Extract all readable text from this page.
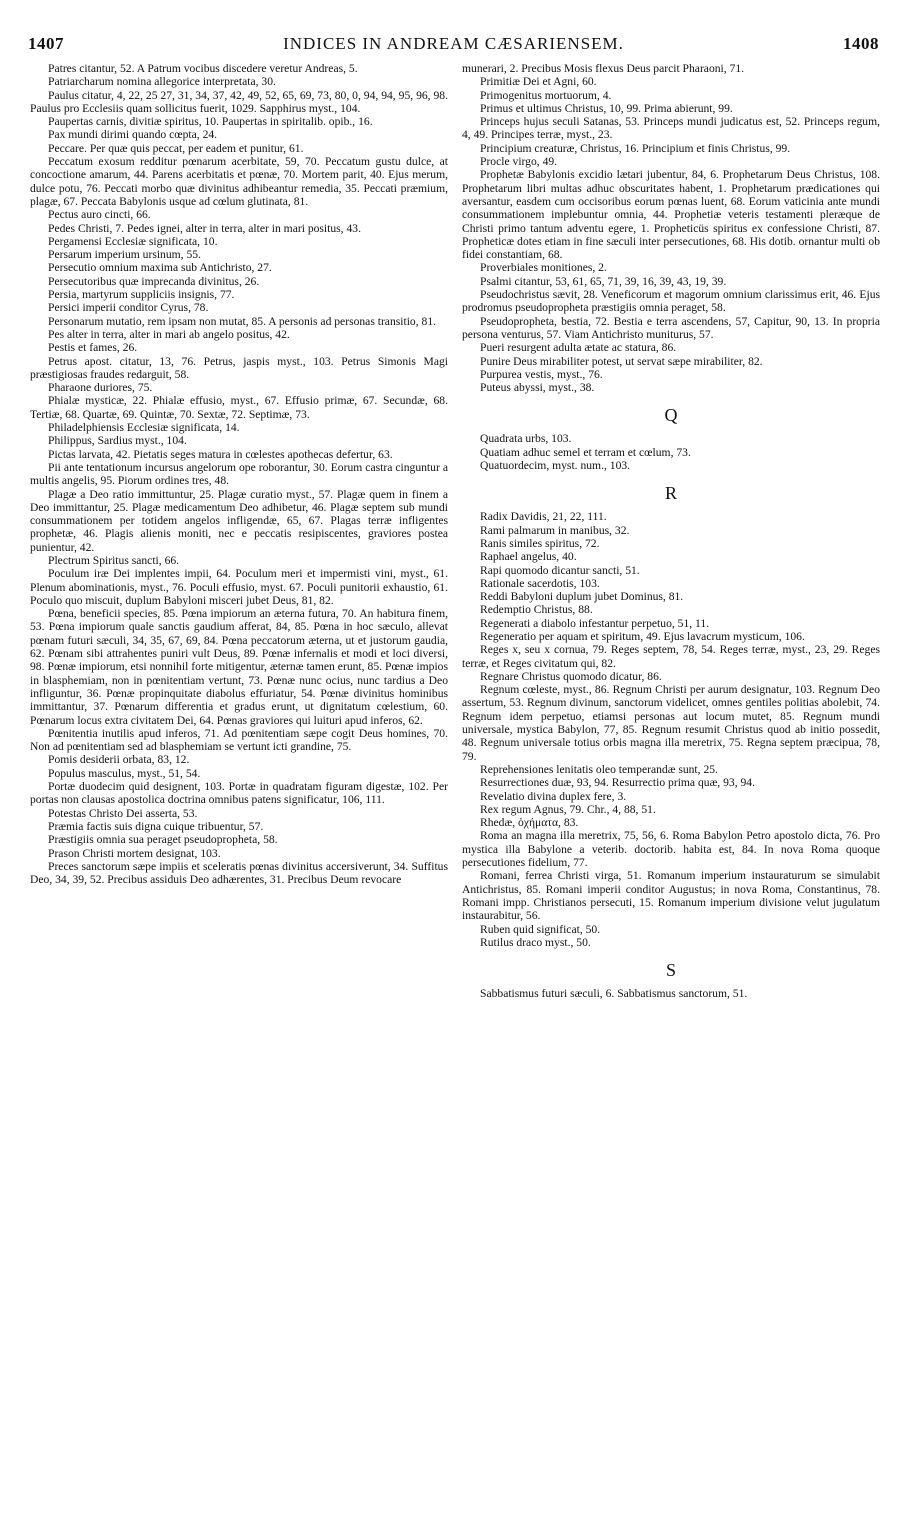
1407	INDICES IN ANDREAM CÆSARIENSEM.	1408

Patres citantur, 52. A Patrum vocibus discedere veretur Andreas, 5.

Patriarcharum nomina allegorice interpretata, 30.

Paulus citatur, 4, 22, 25 27, 31, 34, 37, 42, 49, 52, 65, 69, 73, 80, 0, 94, 94, 95, 96, 98. Paulus pro Ecclesiis quam sollicitus fuerit, 1029. Sapphirus myst., 104.

Paupertas carnis, divitiæ spiritus, 10. Paupertas in spiritalib. opib., 16.

Pax mundi dirimi quando cœpta, 24.

Peccare. Per quæ quis peccat, per eadem et punitur, 61.

Peccatum exosum redditur pœnarum acerbitate, 59, 70. Peccatum gustu dulce, at concoctione amarum, 44. Parens acerbitatis et pœnæ, 70. Mortem parit, 40. Ejus merum, dulce potu, 76. Peccati morbo quæ divinitus adhibeantur remedia, 35. Peccati præmium, plagæ, 67. Peccata Babylonis usque ad cœlum glutinata, 81.

Pectus auro cincti, 66.

Pedes Christi, 7. Pedes ignei, alter in terra, alter in mari positus, 43.

Pergamensi Ecclesiæ significata, 10.

Persarum imperium ursinum, 55.

Persecutio omnium maxima sub Antichristo, 27.

Persecutoribus quæ imprecanda divinitus, 26.

Persia, martyrum suppliciis insignis, 77.

Persici imperii conditor Cyrus, 78.

Personarum mutatio, rem ipsam non mutat, 85. A personis ad personas transitio, 81.

Pes alter in terra, alter in mari ab angelo positus, 42.

Pestis et fames, 26.

Petrus apost. citatur, 13, 76. Petrus, jaspis myst., 103. Petrus Simonis Magi præstigiosas fraudes redarguit, 58.

Pharaone duriores, 75.

Phialæ mysticæ, 22. Phialæ effusio, myst., 67. Effusio primæ, 67. Secundæ, 68. Tertiæ, 68. Quartæ, 69. Quintæ, 70. Sextæ, 72. Septimæ, 73.

Philadelphiensis Ecclesiæ significata, 14.

Philippus, Sardius myst., 104.

Pictas larvata, 42. Pietatis seges matura in cœlestes apothecas defertur, 63.

Pii ante tentationum incursus angelorum ope roborantur, 30. Eorum castra cinguntur a multis angelis, 95. Piorum ordines tres, 48.

Plagæ a Deo ratio immittuntur, 25. Plagæ curatio myst., 57. Plagæ quem in finem a Deo immittantur, 25. Plagæ medicamentum Deo adhibetur, 46. Plagæ septem sub mundi consummationem per totidem angelos infligendæ, 65, 67. Plagas terræ infligentes prophetæ, 46. Plagis alienis moniti, nec e peccatis resipiscentes, graviores postea punientur, 42.

Plectrum Spiritus sancti, 66.

Poculum iræ Dei implentes impii, 64. Poculum meri et impermisti vini, myst., 61. Plenum abominationis, myst., 76. Poculi effusio, myst. 67. Poculi punitorii exhaustio, 61. Poculo quo miscuit, duplum Babyloni misceri jubet Deus, 81, 82.

Pœna, beneficii species, 85. Pœna impiorum an æterna futura, 70. An habitura finem, 53. Pœna impiorum quale sanctis gaudium afferat, 84, 85. Pœna in hoc sæculo, allevat pœnam futuri sæculi, 34, 35, 67, 69, 84. Pœna peccatorum æterna, ut et justorum gaudia, 62. Pœnam sibi attrahentes puniri vult Deus, 89. Pœnæ infernalis et modi et loci diversi, 98. Pœnæ impiorum, etsi nonnihil forte mitigentur, æternæ tamen erunt, 85. Pœnæ impios in blasphemiam, non in pœnitentiam vertunt, 73. Pœnæ nunc ocius, nunc tardius a Deo infliguntur, 36. Pœnæ propinquitate diabolus effuriatur, 54. Pœnæ divinitus hominibus immittantur, 37. Pœnarum differentia et gradus erunt, ut dignitatum cœlestium, 60. Pœnarum locus extra civitatem Dei, 64. Pœnas graviores qui luituri apud inferos, 62.

Pœnitentia inutilis apud inferos, 71. Ad pœnitentiam sæpe cogit Deus homines, 70. Non ad pœnitentiam sed ad blasphemiam se vertunt icti grandine, 75.

Pomis desiderii orbata, 83, 12.

Populus masculus, myst., 51, 54.

Portæ duodecim quid designent, 103. Portæ in quadratam figuram digestæ, 102. Per portas non clausas apostolica doctrina omnibus patens significatur, 106, 111.

Potestas Christo Dei asserta, 53.

Præmia factis suis digna cuique tribuentur, 57.

Præstigiis omnia sua peraget pseudopropheta, 58.

Prason Christi mortem designat, 103.

Preces sanctorum sæpe impiis et sceleratis pœnas divinitus accersiverunt, 34. Suffitus Deo, 34, 39, 52. Precibus assiduis Deo adhærentes, 31. Precibus Deum revocare

munerari, 2. Precibus Mosis flexus Deus parcit Pharaoni, 71.

Primitiæ Dei et Agni, 60.

Primogenitus mortuorum, 4.

Primus et ultimus Christus, 10, 99. Prima abierunt, 99.

Princeps hujus seculi Satanas, 53. Princeps mundi judicatus est, 52. Princeps regum, 4, 49. Principes terræ, myst., 23.

Principium creaturæ, Christus, 16. Principium et finis Christus, 99.

Procle virgo, 49.

Prophetæ Babylonis excidio lætari jubentur, 84, 6. Prophetarum Deus Christus, 108. Prophetarum libri multas adhuc obscuritates habent, 1. Prophetarum prædicationes qui aversantur, easdem cum occisoribus eorum pœnas luent, 68. Eorum vaticinia ante mundi consummationem implebuntur omnia, 44. Prophetiæ veteris testamenti pleræque de Christi primo tantum adventu egere, 1. Propheticüs spiritus ex confessione Christi, 87. Propheticæ dotes etiam in fine sæculi inter persecutiones, 68. His dotib. ornantur multi ob fidei constantiam, 68.

Proverbiales monitiones, 2.

Psalmi citantur, 53, 61, 65, 71, 39, 16, 39, 43, 19, 39.

Pseudochristus sævit, 28. Veneficorum et magorum omnium clarissimus erit, 46. Ejus prodromus pseudopropheta præstigiis omnia peraget, 58.

Pseudopropheta, bestia, 72. Bestia e terra ascendens, 57, Capitur, 90, 13. In propria persona venturus, 57. Viam Antichristo muniturus, 57.

Pueri resurgent adulta ætate ac statura, 86.

Punire Deus mirabiliter potest, ut servat sæpe mirabiliter, 82.

Purpurea vestis, myst., 76.

Puteus abyssi, myst., 38.

Q

Quadrata urbs, 103.

Quatiam adhuc semel et terram et cœlum, 73.

Quatuordecim, myst. num., 103.

R

Radix Davidis, 21, 22, 111.

Rami palmarum in manibus, 32.

Ranis similes spiritus, 72.

Raphael angelus, 40.

Rapi quomodo dicantur sancti, 51.

Rationale sacerdotis, 103.

Reddi Babyloni duplum jubet Dominus, 81.

Redemptio Christus, 88.

Regenerati a diabolo infestantur perpetuo, 51, 11.

Regeneratio per aquam et spiritum, 49. Ejus lavacrum mysticum, 106.

Reges x, seu x cornua, 79. Reges septem, 78, 54. Reges terræ, myst., 23, 29. Reges terræ, et Reges civitatum qui, 82.

Regnare Christus quomodo dicatur, 86.

Regnum cœleste, myst., 86. Regnum Christi per aurum designatur, 103. Regnum Deo assertum, 53. Regnum divinum, sanctorum videlicet, omnes gentiles politias abolebit, 74. Regnum idem perpetuo, etiamsi personas aut locum mutet, 85. Regnum mundi universale, mystica Babylon, 77, 85. Regnum resumit Christus quod ab initio possedit, 48. Regnum universale totius orbis magna illa meretrix, 75. Regna septem præcipua, 78, 79.

Reprehensiones lenitatis oleo temperandæ sunt, 25.

Resurrectiones duæ, 93, 94. Resurrectio prima quæ, 93, 94.

Revelatio divina duplex fere, 3.

Rex regum Agnus, 79. Chr., 4, 88, 51.

Rhedæ, ὀχήματα, 83.

Roma an magna illa meretrix, 75, 56, 6. Roma Babylon Petro apostolo dicta, 76. Pro mystica illa Babylone a veterib. doctorib. habita est, 84. In nova Roma quoque persecutiones fidelium, 77.

Romani, ferrea Christi virga, 51. Romanum imperium instauraturum se simulabit Antichristus, 85. Romani imperii conditor Augustus; in nova Roma, Constantinus, 78. Romani impp. Christianos persecuti, 15. Romanum imperium divisione velut jugulatum instaurabitur, 56.

Ruben quid significat, 50.

Rutilus draco myst., 50.

S

Sabbatismus futuri sæculi, 6. Sabbatismus sanctorum, 51.
